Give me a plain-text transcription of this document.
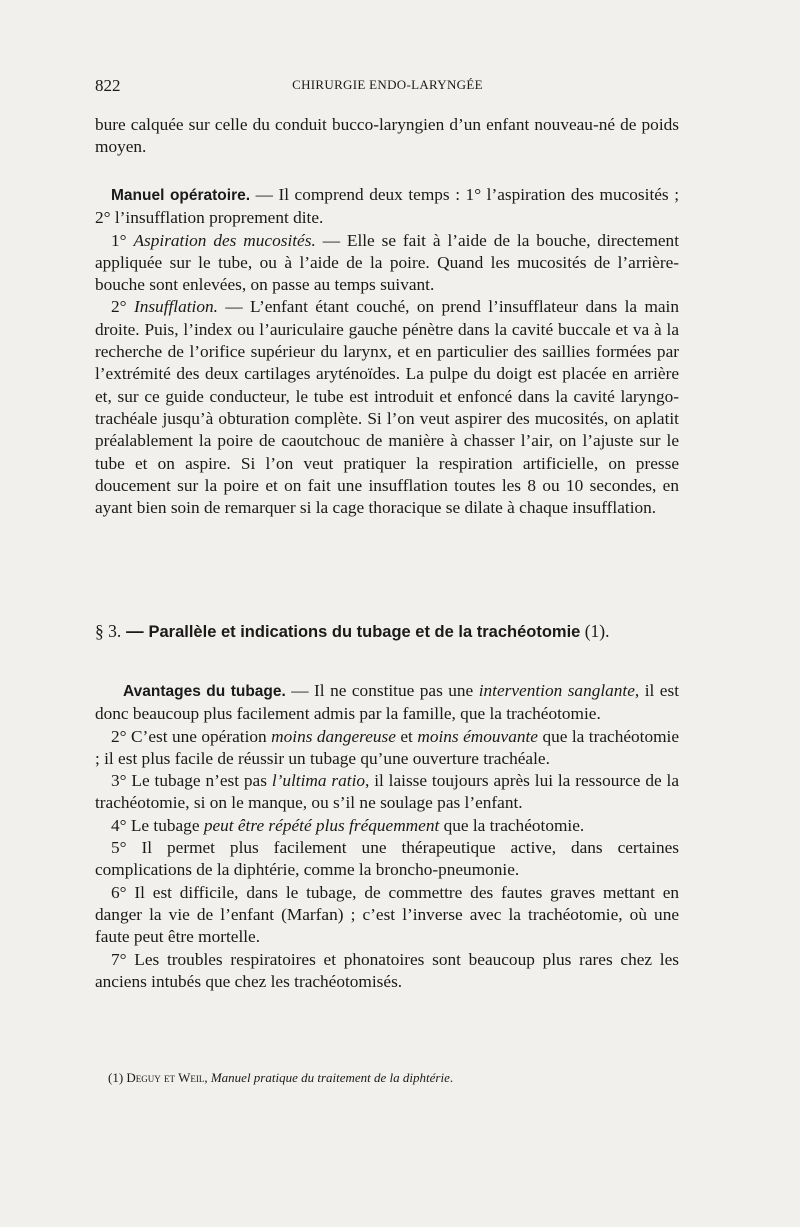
822	CHIRURGIE ENDO-LARYNGÉE

bure calquée sur celle du conduit bucco-laryngien d’un enfant nouveau-né de poids moyen.

Manuel opératoire. — Il comprend deux temps : 1° l’aspiration des mucosités ; 2° l’insufflation proprement dite.

1° Aspiration des mucosités. — Elle se fait à l’aide de la bouche, directement appliquée sur le tube, ou à l’aide de la poire. Quand les mucosités de l’arrière-bouche sont enlevées, on passe au temps suivant.

2° Insufflation. — L’enfant étant couché, on prend l’insufflateur dans la main droite. Puis, l’index ou l’auriculaire gauche pénètre dans la cavité buccale et va à la recherche de l’orifice supérieur du larynx, et en particulier des saillies formées par l’extrémité des deux cartilages aryténoïdes. La pulpe du doigt est placée en arrière et, sur ce guide conducteur, le tube est introduit et enfoncé dans la cavité laryngo-trachéale jusqu’à obturation complète. Si l’on veut aspirer des mucosités, on aplatit préalablement la poire de caoutchouc de manière à chasser l’air, on l’ajuste sur le tube et on aspire. Si l’on veut pratiquer la respiration artificielle, on presse doucement sur la poire et on fait une insufflation toutes les 8 ou 10 secondes, en ayant bien soin de remarquer si la cage thoracique se dilate à chaque insufflation.

§ 3. — Parallèle et indications du tubage et de la trachéotomie (1).

Avantages du tubage. — Il ne constitue pas une intervention sanglante, il est donc beaucoup plus facilement admis par la famille, que la trachéotomie.

2° C’est une opération moins dangereuse et moins émouvante que la trachéotomie ; il est plus facile de réussir un tubage qu’une ouverture trachéale.

3° Le tubage n’est pas l’ultima ratio, il laisse toujours après lui la ressource de la trachéotomie, si on le manque, ou s’il ne soulage pas l’enfant.

4° Le tubage peut être répété plus fréquemment que la trachéotomie.

5° Il permet plus facilement une thérapeutique active, dans certaines complications de la diphtérie, comme la broncho-pneumonie.

6° Il est difficile, dans le tubage, de commettre des fautes graves mettant en danger la vie de l’enfant (Marfan) ; c’est l’inverse avec la trachéotomie, où une faute peut être mortelle.

7° Les troubles respiratoires et phonatoires sont beaucoup plus rares chez les anciens intubés que chez les trachéotomisés.

(1) Deguy et Weil, Manuel pratique du traitement de la diphtérie.
